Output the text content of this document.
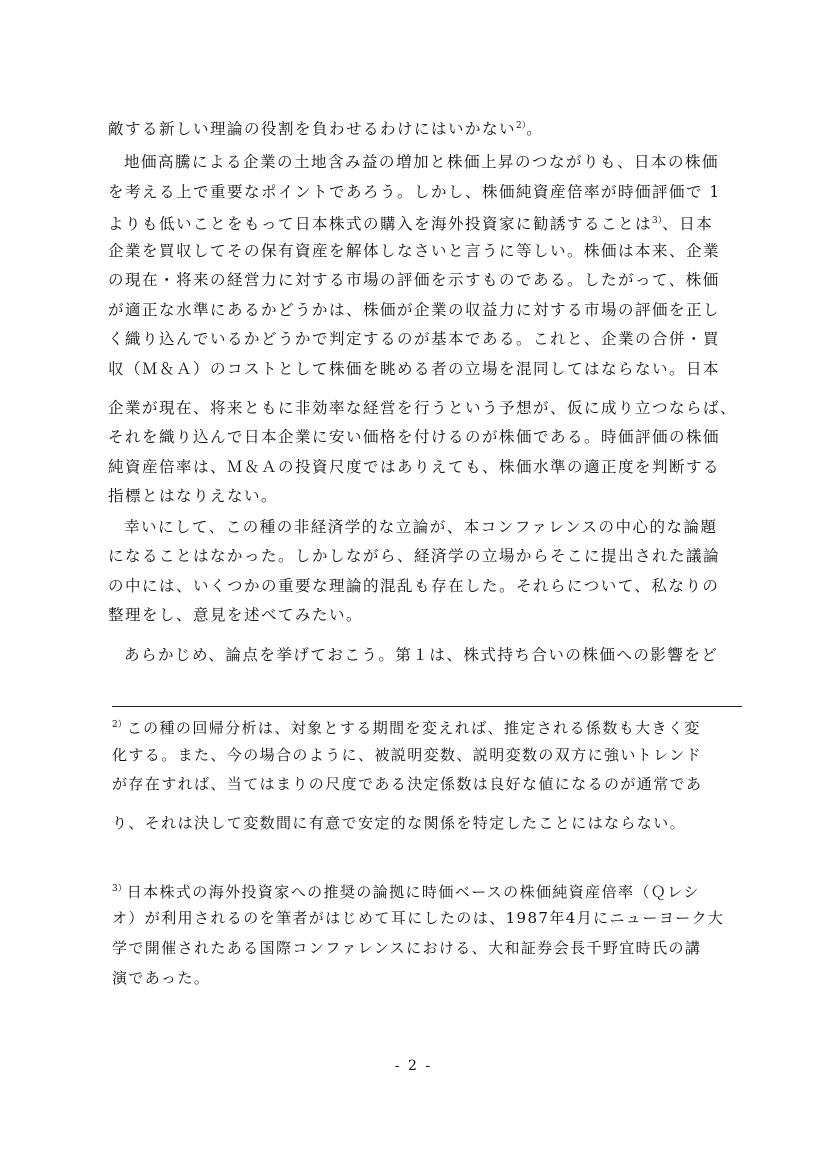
敵する新しい理論の役割を負わせるわけにはいかない$^{2)}$。
地価高騰による企業の土地含み益の増加と株価上昇のつながりも、日本の株価
を考える上で重要なポイントであろう。しかし、株価純資産倍率が時価評価で 1
よりも低いことをもって日本株式の購入を海外投資家に勧誘することは$^{3)}$、日本
企業を買収してその保有資産を解体しなさいと言うに等しい。株価は本来、企業
の現在・将来の経営力に対する市場の評価を示すものである。したがって、株価
が適正な水準にあるかどうかは、株価が企業の収益力に対する市場の評価を正し
く織り込んでいるかどうかで判定するのが基本である。これと、企業の合併・買
収（Ｍ＆Ａ）のコストとして株価を眺める者の立場を混同してはならない。日本
企業が現在、将来ともに非効率な経営を行うという予想が、仮に成り立つならば、
それを織り込んで日本企業に安い価格を付けるのが株価である。時価評価の株価
純資産倍率は、Ｍ＆Ａの投資尺度ではありえても、株価水準の適正度を判断する
指標とはなりえない。
幸いにして、この種の非経済学的な立論が、本コンファレンスの中心的な論題
になることはなかった。しかしながら、経済学の立場からそこに提出された議論
の中には、いくつかの重要な理論的混乱も存在した。それらについて、私なりの
整理をし、意見を述べてみたい。
あらかじめ、論点を挙げておこう。第１は、株式持ち合いの株価への影響をど
$^{2)}$この種の回帰分析は、対象とする期間を変えれば、推定される係数も大きく変
化する。また、今の場合のように、被説明変数、説明変数の双方に強いトレンド
が存在すれば、当てはまりの尺度である決定係数は良好な値になるのが通常であ
り、それは決して変数間に有意で安定的な関係を特定したことにはならない。
$^{3)}$日本株式の海外投資家への推奨の論拠に時価ベースの株価純資産倍率（Ｑレシ
オ）が利用されるのを筆者がはじめて耳にしたのは、1987年4月にニューヨーク大
学で開催されたある国際コンファレンスにおける、大和証券会長千野宜時氏の講
演であった。
- 2 -
